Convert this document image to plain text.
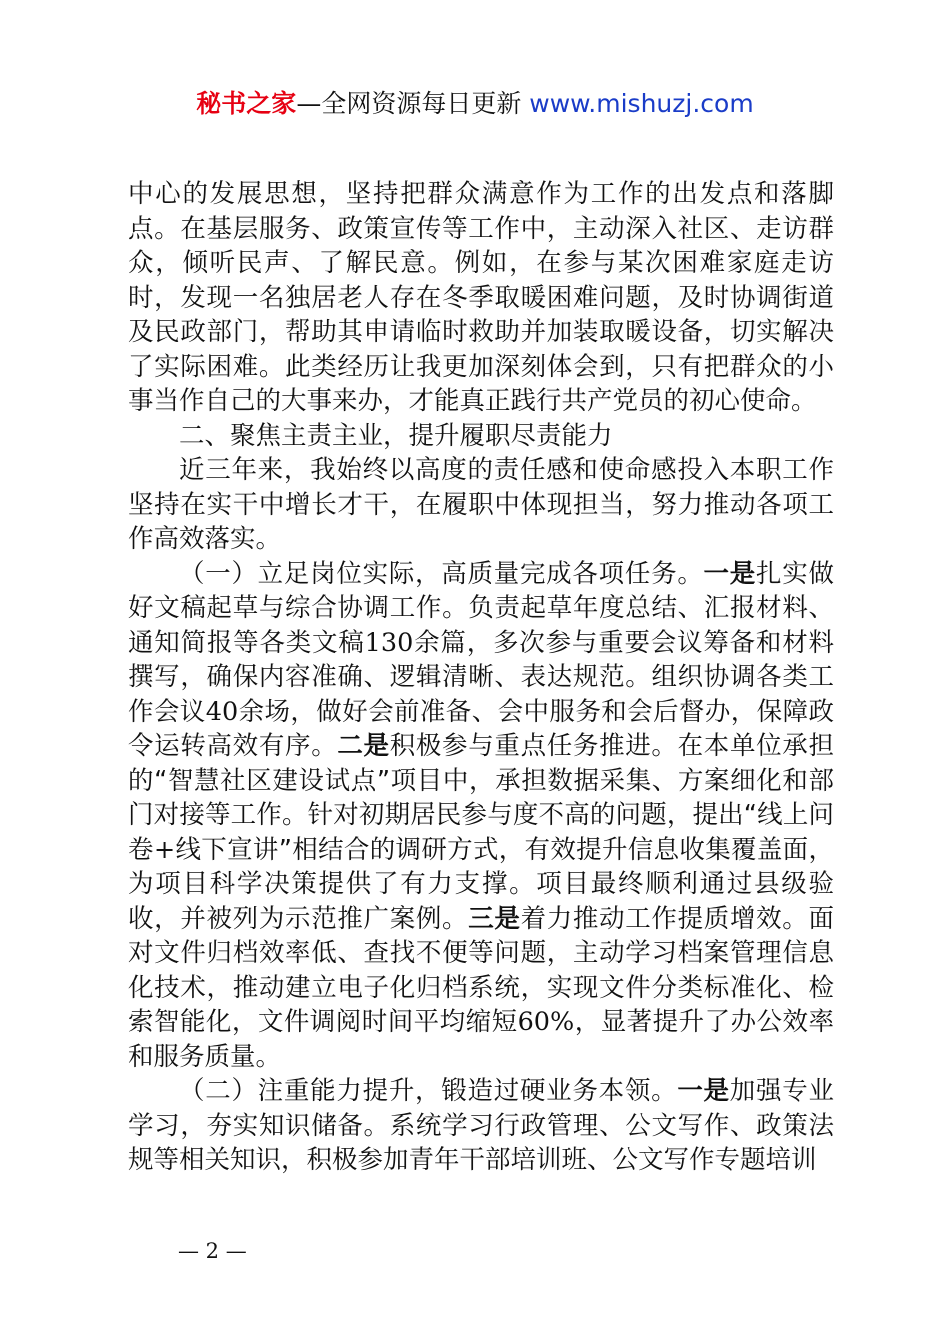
秘书之家—全网资源每日更新 www.mishuzj.com

中心的发展思想，坚持把群众满意作为工作的出发点和落脚点。在基层服务、政策宣传等工作中，主动深入社区、走访群众，倾听民声、了解民意。例如，在参与某次困难家庭走访时，发现一名独居老人存在冬季取暖困难问题，及时协调街道及民政部门，帮助其申请临时救助并加装取暖设备，切实解决了实际困难。此类经历让我更加深刻体会到，只有把群众的小事当作自己的大事来办，才能真正践行共产党员的初心使命。

二、聚焦主责主业，提升履职尽责能力

近三年来，我始终以高度的责任感和使命感投入本职工作坚持在实干中增长才干，在履职中体现担当，努力推动各项工作高效落实。

（一）立足岗位实际，高质量完成各项任务。一是扎实做好文稿起草与综合协调工作。负责起草年度总结、汇报材料、通知简报等各类文稿130余篇，多次参与重要会议筹备和材料撰写，确保内容准确、逻辑清晰、表达规范。组织协调各类工作会议40余场，做好会前准备、会中服务和会后督办，保障政令运转高效有序。二是积极参与重点任务推进。在本单位承担的“智慧社区建设试点”项目中，承担数据采集、方案细化和部门对接等工作。针对初期居民参与度不高的问题，提出“线上问卷+线下宣讲”相结合的调研方式，有效提升信息收集覆盖面，为项目科学决策提供了有力支撑。项目最终顺利通过县级验收，并被列为示范推广案例。三是着力推动工作提质增效。面对文件归档效率低、查找不便等问题，主动学习档案管理信息化技术，推动建立电子化归档系统，实现文件分类标准化、检索智能化，文件调阅时间平均缩短60%，显著提升了办公效率和服务质量。

（二）注重能力提升，锻造过硬业务本领。一是加强专业学习，夯实知识储备。系统学习行政管理、公文写作、政策法规等相关知识，积极参加青年干部培训班、公文写作专题培训

— 2 —
